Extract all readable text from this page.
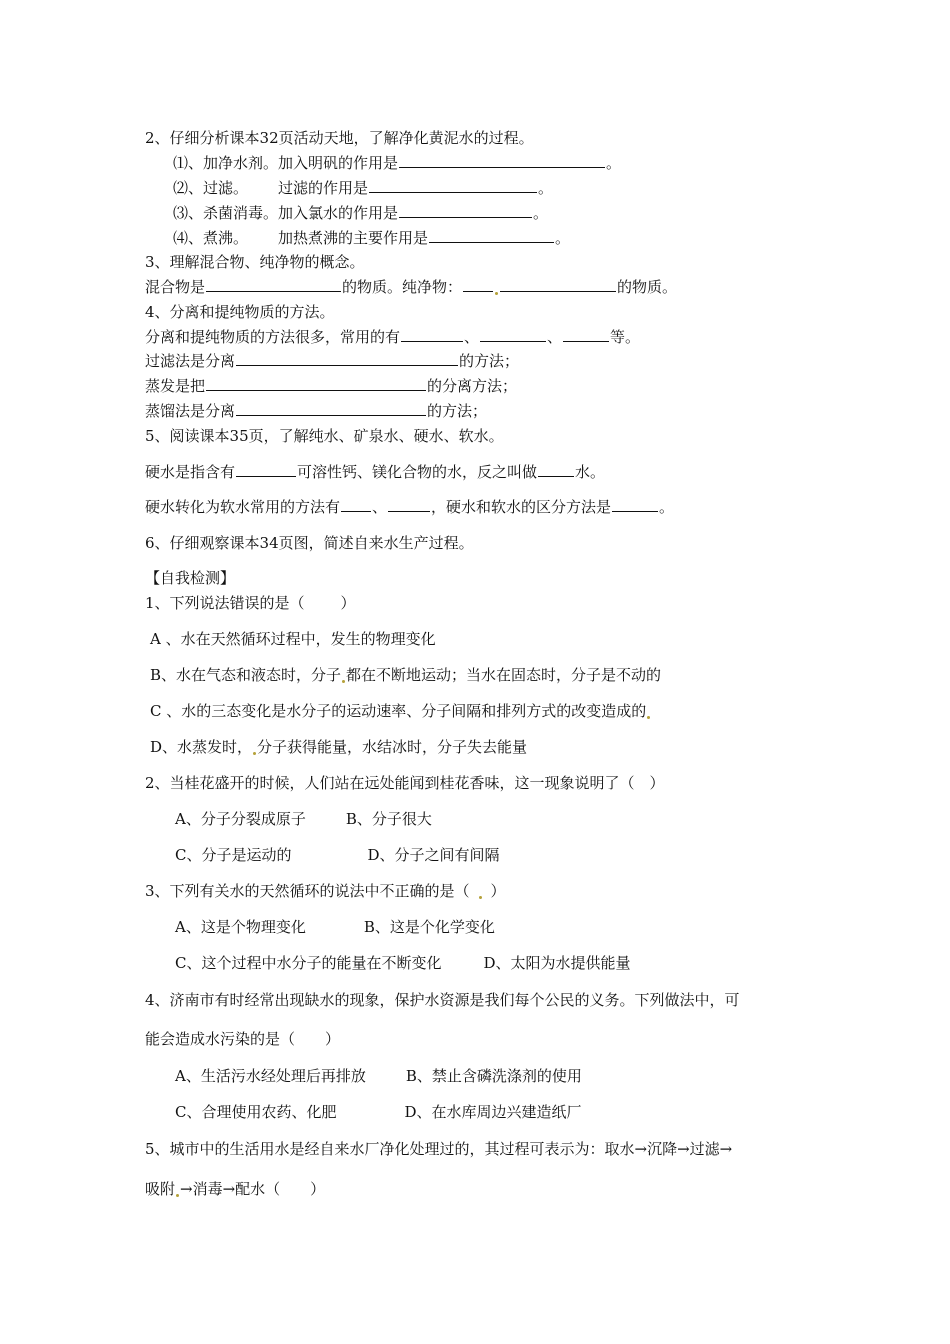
2、仔细分析课本32页活动天地，了解净化黄泥水的过程。
⑴、加净水剂。加入明矾的作用是	。
⑵、过滤。 过滤的作用是	。
⑶、杀菌消毒。加入氯水的作用是	。
⑷、煮沸。 加热煮沸的主要作用是	。
3、理解混合物、纯净物的概念。
混合物是	的物质。纯净物：	的物质。
4、分离和提纯物质的方法。
分离和提纯物质的方法很多，常用的有	、	、	等。
过滤法是分离	的方法；
蒸发是把	的分离方法；
蒸馏法是分离	的方法；
5、阅读课本35页，了解纯水、矿泉水、硬水、软水。
硬水是指含有	可溶性钙、镁化合物的水，反之叫做	水。
硬水转化为软水常用的方法有 、	，硬水和软水的区分方法是	。
6、仔细观察课本34页图，简述自来水生产过程。
【自我检测】
1、下列说法错误的是（ ）
A 、水在天然循环过程中，发生的物理变化
B、水在气态和液态时，分子 都在不断地运动；当水在固态时，分子是不动的
C 、水的三态变化是水分子的运动速率、分子间隔和排列方式的改变造成的
D、水蒸发时， 分子获得能量，水结冰时，分子失去能量
2、当桂花盛开的时候，人们站在远处能闻到桂花香味，这一现象说明了（　）
A、分子分裂成原子	B、分子很大
C、分子是运动的	D、分子之间有间隔
3、下列有关水的天然循环的说法中不正确的是（ ）
A、这是个物理变化	B、这是个化学变化
C、这个过程中水分子的能量在不断变化	D、太阳为水提供能量
4、济南市有时经常出现缺水的现象，保护水资源是我们每个公民的义务。下列做法中，可
能会造成水污染的是（　　）
A、生活污水经处理后再排放	B、禁止含磷洗涤剂的使用
C、合理使用农药、化肥	D、在水库周边兴建造纸厂
5、城市中的生活用水是经自来水厂净化处理过的，其过程可表示为：取水→沉降→过滤→
吸附 →消毒→配水（　　）
